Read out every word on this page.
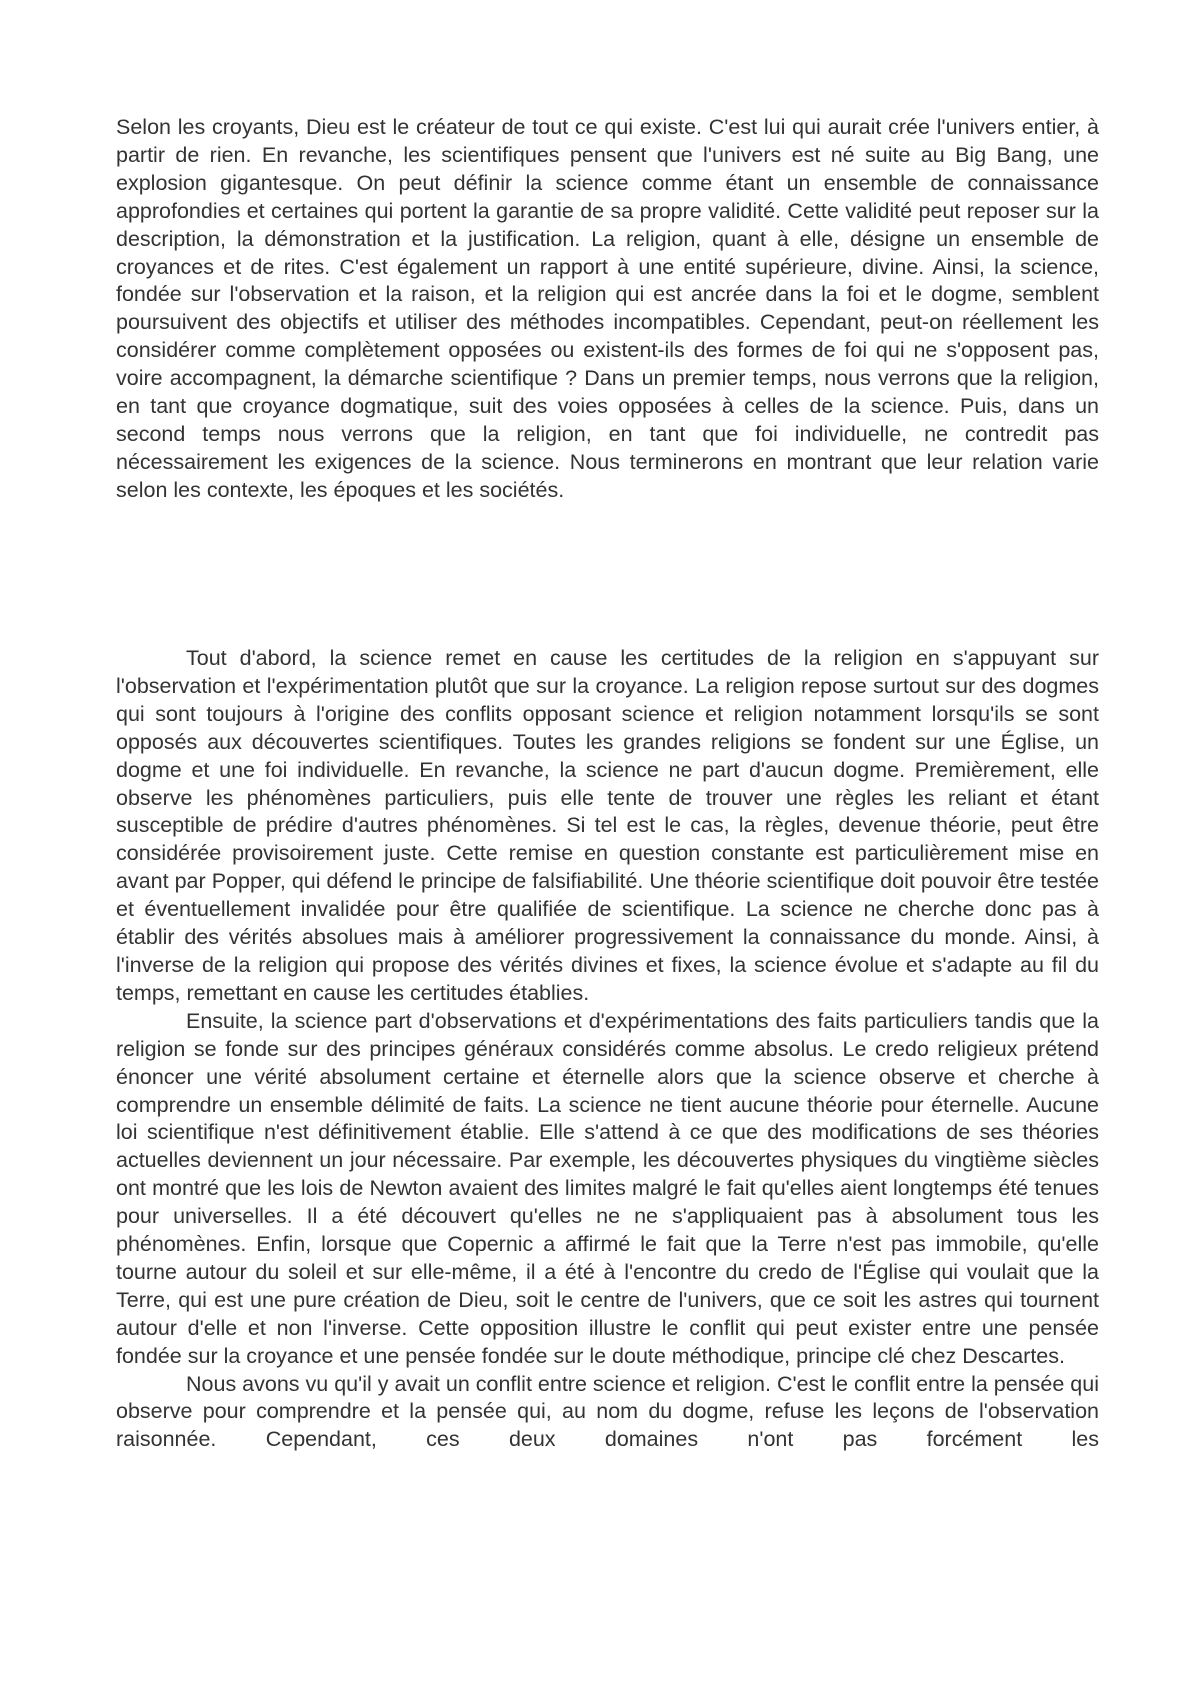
Selon les croyants, Dieu est le créateur de tout ce qui existe. C'est lui qui aurait crée l'univers entier, à partir de rien. En revanche, les scientifiques pensent que l'univers est né suite au Big Bang, une explosion gigantesque. On peut définir la science comme étant un ensemble de connaissance approfondies et certaines qui portent la garantie de sa propre validité. Cette validité peut reposer sur la description, la démonstration et la justification. La religion, quant à elle, désigne un ensemble de croyances et de rites. C'est également un rapport à une entité supérieure, divine. Ainsi, la science, fondée sur l'observation et la raison, et la religion qui est ancrée dans la foi et le dogme, semblent poursuivent des objectifs et utiliser des méthodes incompatibles. Cependant, peut-on réellement les considérer comme complètement opposées ou existent-ils des formes de foi qui ne s'opposent pas, voire accompagnent, la démarche scientifique ? Dans un premier temps, nous verrons que la religion, en tant que croyance dogmatique, suit des voies opposées à celles de la science. Puis, dans un second temps nous verrons que la religion, en tant que foi individuelle, ne contredit pas nécessairement les exigences de la science. Nous terminerons en montrant que leur relation varie selon les contexte, les époques et les sociétés.

Tout d'abord, la science remet en cause les certitudes de la religion en s'appuyant sur l'observation et l'expérimentation plutôt que sur la croyance. La religion repose surtout sur des dogmes qui sont toujours à l'origine des conflits opposant science et religion notamment lorsqu'ils se sont opposés aux découvertes scientifiques. Toutes les grandes religions se fondent sur une Église, un dogme et une foi individuelle. En revanche, la science ne part d'aucun dogme. Premièrement, elle observe les phénomènes particuliers, puis elle tente de trouver une règles les reliant et étant susceptible de prédire d'autres phénomènes. Si tel est le cas, la règles, devenue théorie, peut être considérée provisoirement juste. Cette remise en question constante est particulièrement mise en avant par Popper, qui défend le principe de falsifiabilité. Une théorie scientifique doit pouvoir être testée et éventuellement invalidée pour être qualifiée de scientifique. La science ne cherche donc pas à établir des vérités absolues mais à améliorer progressivement la connaissance du monde. Ainsi, à l'inverse de la religion qui propose des vérités divines et fixes, la science évolue et s'adapte au fil du temps, remettant en cause les certitudes établies.

Ensuite, la science part d'observations et d'expérimentations des faits particuliers tandis que la religion se fonde sur des principes généraux considérés comme absolus. Le credo religieux prétend énoncer une vérité absolument certaine et éternelle alors que la science observe et cherche à comprendre un ensemble délimité de faits. La science ne tient aucune théorie pour éternelle. Aucune loi scientifique n'est définitivement établie. Elle s'attend à ce que des modifications de ses théories actuelles deviennent un jour nécessaire. Par exemple, les découvertes physiques du vingtième siècles ont montré que les lois de Newton avaient des limites malgré le fait qu'elles aient longtemps été tenues pour universelles. Il a été découvert qu'elles ne ne s'appliquaient pas à absolument tous les phénomènes. Enfin, lorsque que Copernic a affirmé le fait que la Terre n'est pas immobile, qu'elle tourne autour du soleil et sur elle-même, il a été à l'encontre du credo de l'Église qui voulait que la Terre, qui est une pure création de Dieu, soit le centre de l'univers, que ce soit les astres qui tournent autour d'elle et non l'inverse. Cette opposition illustre le conflit qui peut exister entre une pensée fondée sur la croyance et une pensée fondée sur le doute méthodique, principe clé chez Descartes.

Nous avons vu qu'il y avait un conflit entre science et religion. C'est le conflit entre la pensée qui observe pour comprendre et la pensée qui, au nom du dogme, refuse les leçons de l'observation raisonnée. Cependant, ces deux domaines n'ont pas forcément les
